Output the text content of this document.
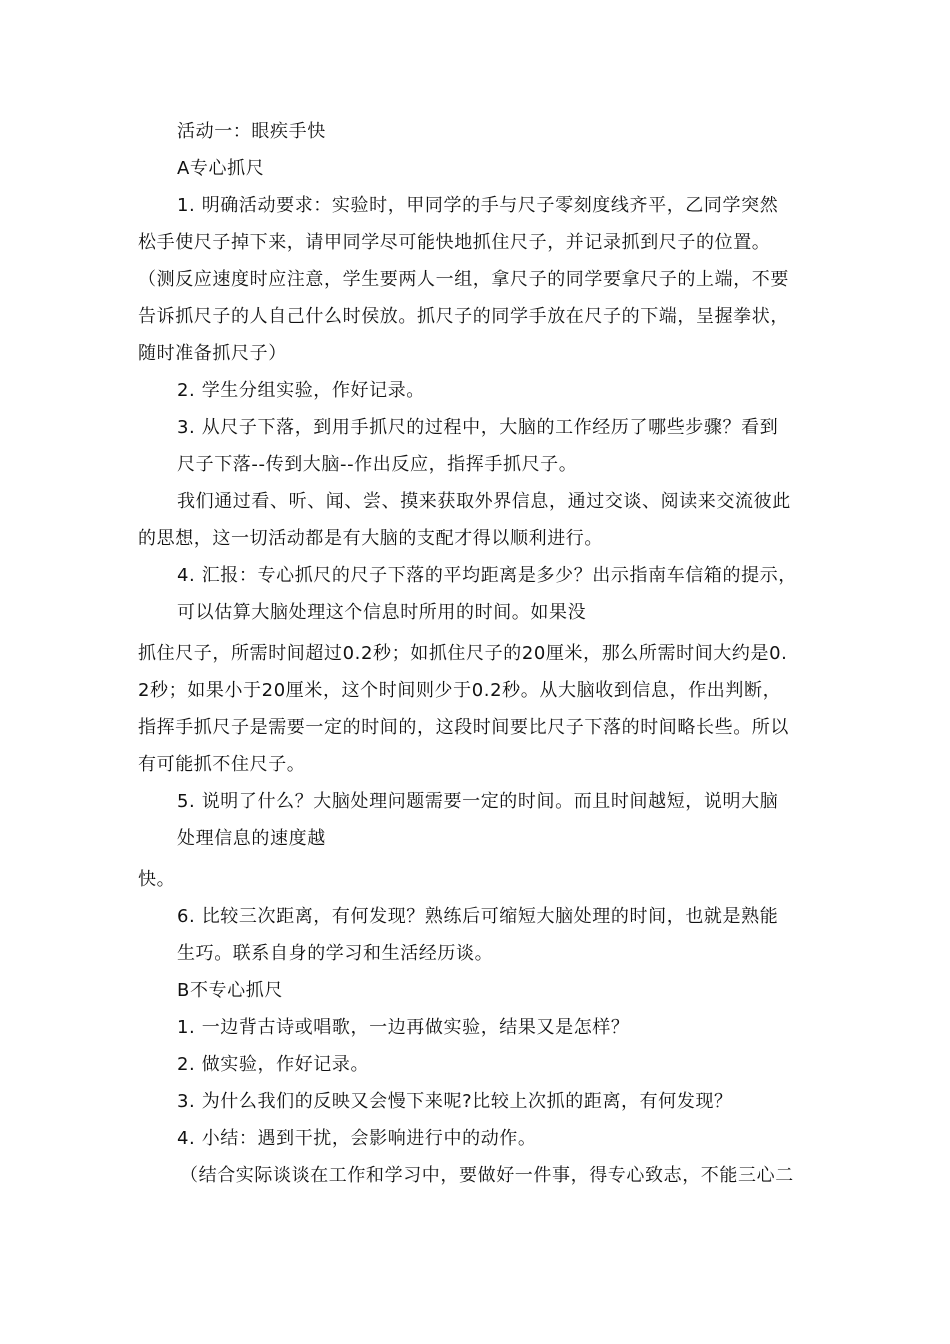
活动一：眼疾手快
A专心抓尺
1. 明确活动要求：实验时，甲同学的手与尺子零刻度线齐平，乙同学突然
松手使尺子掉下来，请甲同学尽可能快地抓住尺子，并记录抓到尺子的位置。
（测反应速度时应注意，学生要两人一组，拿尺子的同学要拿尺子的上端，不要
告诉抓尺子的人自己什么时侯放。抓尺子的同学手放在尺子的下端，呈握拳状，
随时准备抓尺子）
2. 学生分组实验，作好记录。
3. 从尺子下落，到用手抓尺的过程中，大脑的工作经历了哪些步骤？看到
尺子下落--传到大脑--作出反应，指挥手抓尺子。
我们通过看、听、闻、尝、摸来获取外界信息，通过交谈、阅读来交流彼此
的思想，这一切活动都是有大脑的支配才得以顺利进行。
4. 汇报：专心抓尺的尺子下落的平均距离是多少？出示指南车信箱的提示，
可以估算大脑处理这个信息时所用的时间。如果没
抓住尺子，所需时间超过0.2秒；如抓住尺子的20厘米，那么所需时间大约是0.
2秒；如果小于20厘米，这个时间则少于0.2秒。从大脑收到信息，作出判断，
指挥手抓尺子是需要一定的时间的，这段时间要比尺子下落的时间略长些。所以
有可能抓不住尺子。
5. 说明了什么？大脑处理问题需要一定的时间。而且时间越短，说明大脑
处理信息的速度越
快。
6. 比较三次距离，有何发现？熟练后可缩短大脑处理的时间，也就是熟能
生巧。联系自身的学习和生活经历谈。
B不专心抓尺
1. 一边背古诗或唱歌，一边再做实验，结果又是怎样？
2. 做实验，作好记录。
3. 为什么我们的反映又会慢下来呢?比较上次抓的距离，有何发现？
4. 小结：遇到干扰，会影响进行中的动作。
（结合实际谈谈在工作和学习中，要做好一件事，得专心致志，不能三心二
